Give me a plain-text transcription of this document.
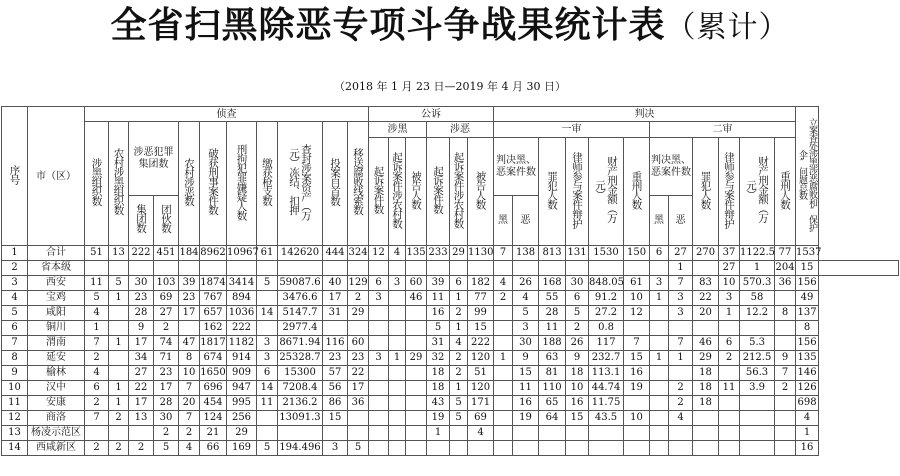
全省扫黑除恶专项斗争战果统计表（累计）
（2018 年 1 月 23 日—2019 年 4 月 30 日）
序号	市（区）	侦查											公诉						判决												立案查处涉黑涉恶腐败和“保护伞”问题总数	
		涉黑组织数	农村涉黑组织数	涉恶犯罪集团数		农村涉恶数	破获刑事案件数	刑拘犯罪嫌疑人数	缴获枪支数	查封涉案资产（万元）冻结、扣押	投案自首数	移送腐败线索数	涉黑			涉恶			一审						二审							
													起诉案件数	起诉案件涉农村数	被告人数	起诉案件数	起诉案件涉农村数	被告人数	判决黑、恶案件数		罪犯人数	律师参与案件辩护	财产刑金额（万元）	重刑人数	判决黑、恶案件数		罪犯人数	律师参与案件辩护	财产刑金额（万元）	重刑人数		
				集团数	团伙数														黑	恶					黑	恶						
1	合计	51	13	222	451	184	8962	10967	61	142620	444	324	12	4	135	233	29	1130	7	138	813	131	1530	150	6	27	270	37	1122.5	77	1537	
2	省本级																									1		27	1	204	15	
3	西安	11	5	30	103	39	1874	3414	5	59087.6	40	129	6	3	60	39	6	182	4	26	168	30	848.05	61	3	7	83	10	570.3	36	156	
4	宝鸡	5	1	23	69	23	767	894		3476.6	17	2	3		46	11	1	77	2	4	55	6	91.2	10	1	3	22	3	58		49	
5	咸阳	4		28	27	17	657	1036	14	5147.7	31	29				16	2	99		5	28	5	27.2	12		3	20	1	12.2	8	137	
6	铜川	1		9	2		162	222		2977.4						5	1	15		3	11	2	0.8								8	
7	渭南	7	1	17	74	47	1817	1182	3	8671.94	116	60				31	4	222		30	188	26	117	7		7	46	6	5.3		156	
8	延安	2		34	71	8	674	914	3	25328.7	23	23	3	1	29	32	2	120	1	9	63	9	232.7	15	1	1	29	2	212.5	9	135	
9	榆林	4		27	23	10	1650	909	6	15300	57	22				18	2	51		15	81	18	113.1	16			18		56.3	7	146	
10	汉中	6	1	22	17	7	696	947	14	7208.4	56	17				18	1	120		11	110	10	44.74	19		2	18	11	3.9	2	126	
11	安康	2	1	17	28	20	454	995	11	2136.2	86	36				43	5	171		16	65	16	11.75			2	18				698	
12	商洛	7	2	13	30	7	124	256		13091.3	15					19	5	69		19	64	15	43.5	10		4					4	
13	杨凌示范区				2	2	21	29								1		4													1	
14	西咸新区	2	2	2	5	4	66	169	5	194.496	3	5																			16	
